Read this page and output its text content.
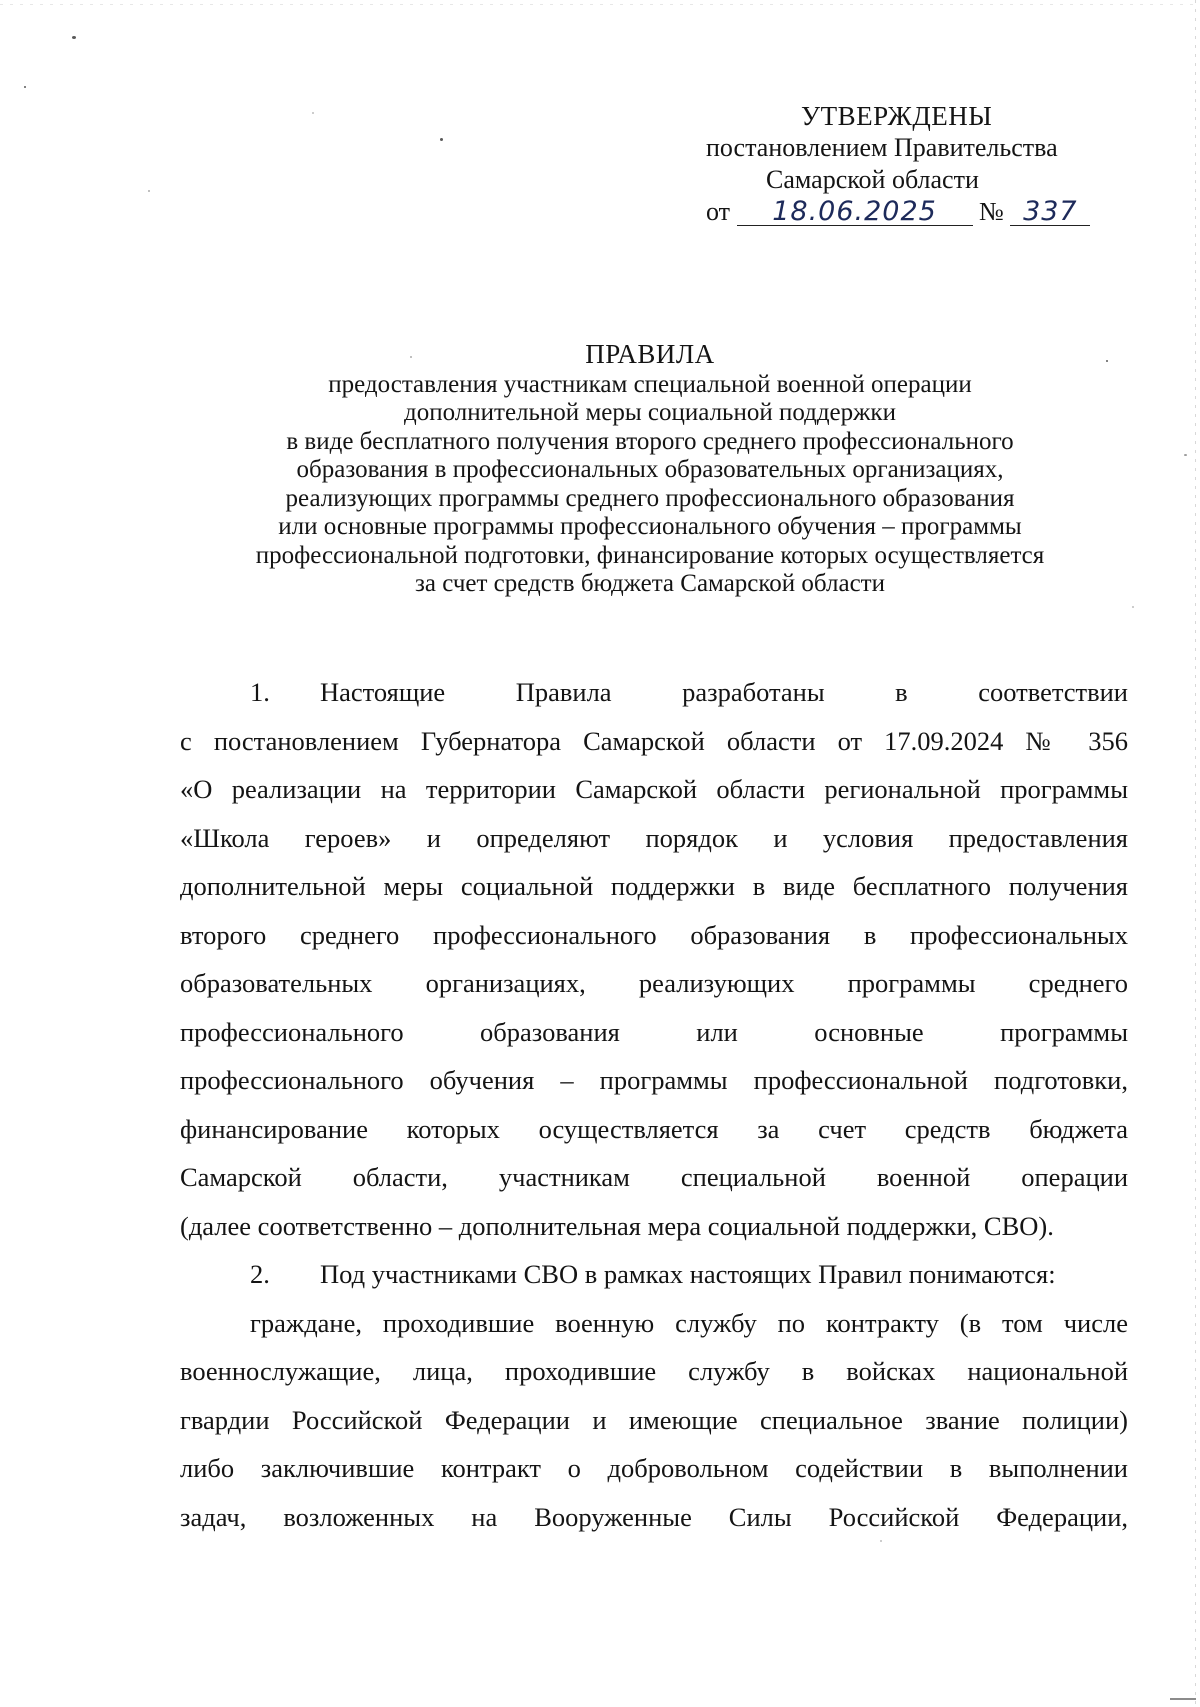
УТВЕРЖДЕНЫ
постановлением Правительства
Самарской области
от 18.06.2025 № 337
ПРАВИЛА
предоставления участникам специальной военной операции
дополнительной меры социальной поддержки
в виде бесплатного получения второго среднего профессионального
образования в профессиональных образовательных организациях,
реализующих программы среднего профессионального образования
или основные программы профессионального обучения – программы
профессиональной подготовки, финансирование которых осуществляется
за счет средств бюджета Самарской области
1. Настоящие Правила разработаны в соответствии
с постановлением Губернатора Самарской области от 17.09.2024 № 356
«О реализации на территории Самарской области региональной программы
«Школа героев» и определяют порядок и условия предоставления
дополнительной меры социальной поддержки в виде бесплатного получения
второго среднего профессионального образования в профессиональных
образовательных организациях, реализующих программы среднего
профессионального образования или основные программы
профессионального обучения – программы профессиональной подготовки,
финансирование которых осуществляется за счет средств бюджета
Самарской области, участникам специальной военной операции
(далее соответственно – дополнительная мера социальной поддержки, СВО).
2. Под участниками СВО в рамках настоящих Правил понимаются:
граждане, проходившие военную службу по контракту (в том числе
военнослужащие, лица, проходившие службу в войсках национальной
гвардии Российской Федерации и имеющие специальное звание полиции)
либо заключившие контракт о добровольном содействии в выполнении
задач, возложенных на Вооруженные Силы Российской Федерации,
